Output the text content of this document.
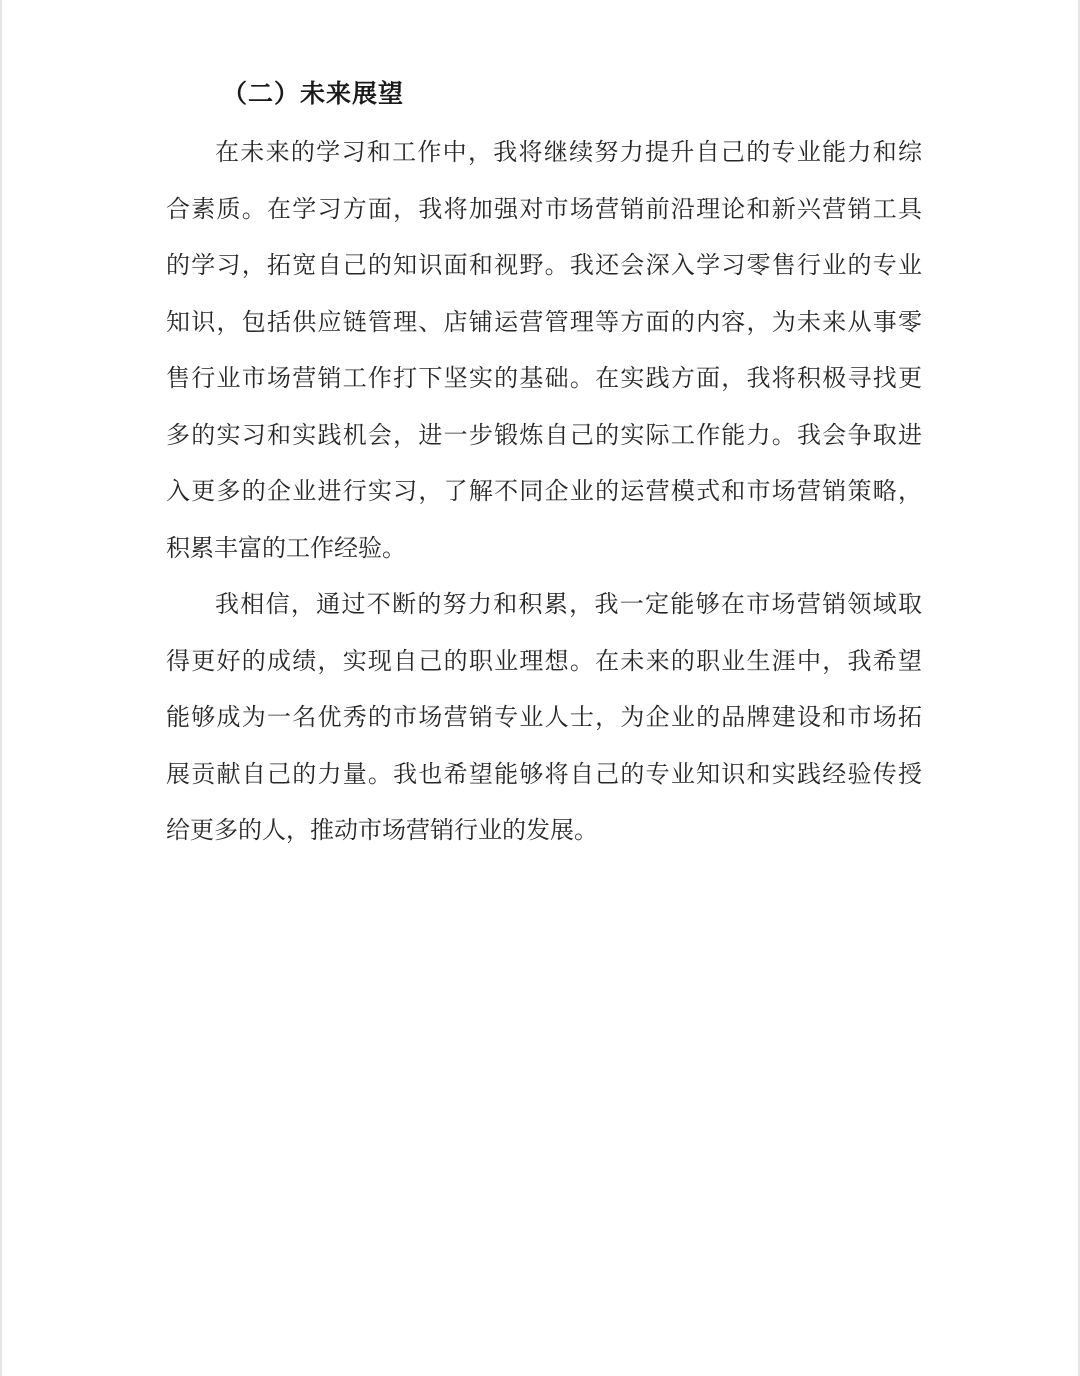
（二）未来展望
在未来的学习和工作中，我将继续努力提升自己的专业能力和综
合素质。在学习方面，我将加强对市场营销前沿理论和新兴营销工具
的学习，拓宽自己的知识面和视野。我还会深入学习零售行业的专业
知识，包括供应链管理、店铺运营管理等方面的内容，为未来从事零
售行业市场营销工作打下坚实的基础。在实践方面，我将积极寻找更
多的实习和实践机会，进一步锻炼自己的实际工作能力。我会争取进
入更多的企业进行实习，了解不同企业的运营模式和市场营销策略，
积累丰富的工作经验。
我相信，通过不断的努力和积累，我一定能够在市场营销领域取
得更好的成绩，实现自己的职业理想。在未来的职业生涯中，我希望
能够成为一名优秀的市场营销专业人士，为企业的品牌建设和市场拓
展贡献自己的力量。我也希望能够将自己的专业知识和实践经验传授
给更多的人，推动市场营销行业的发展。
